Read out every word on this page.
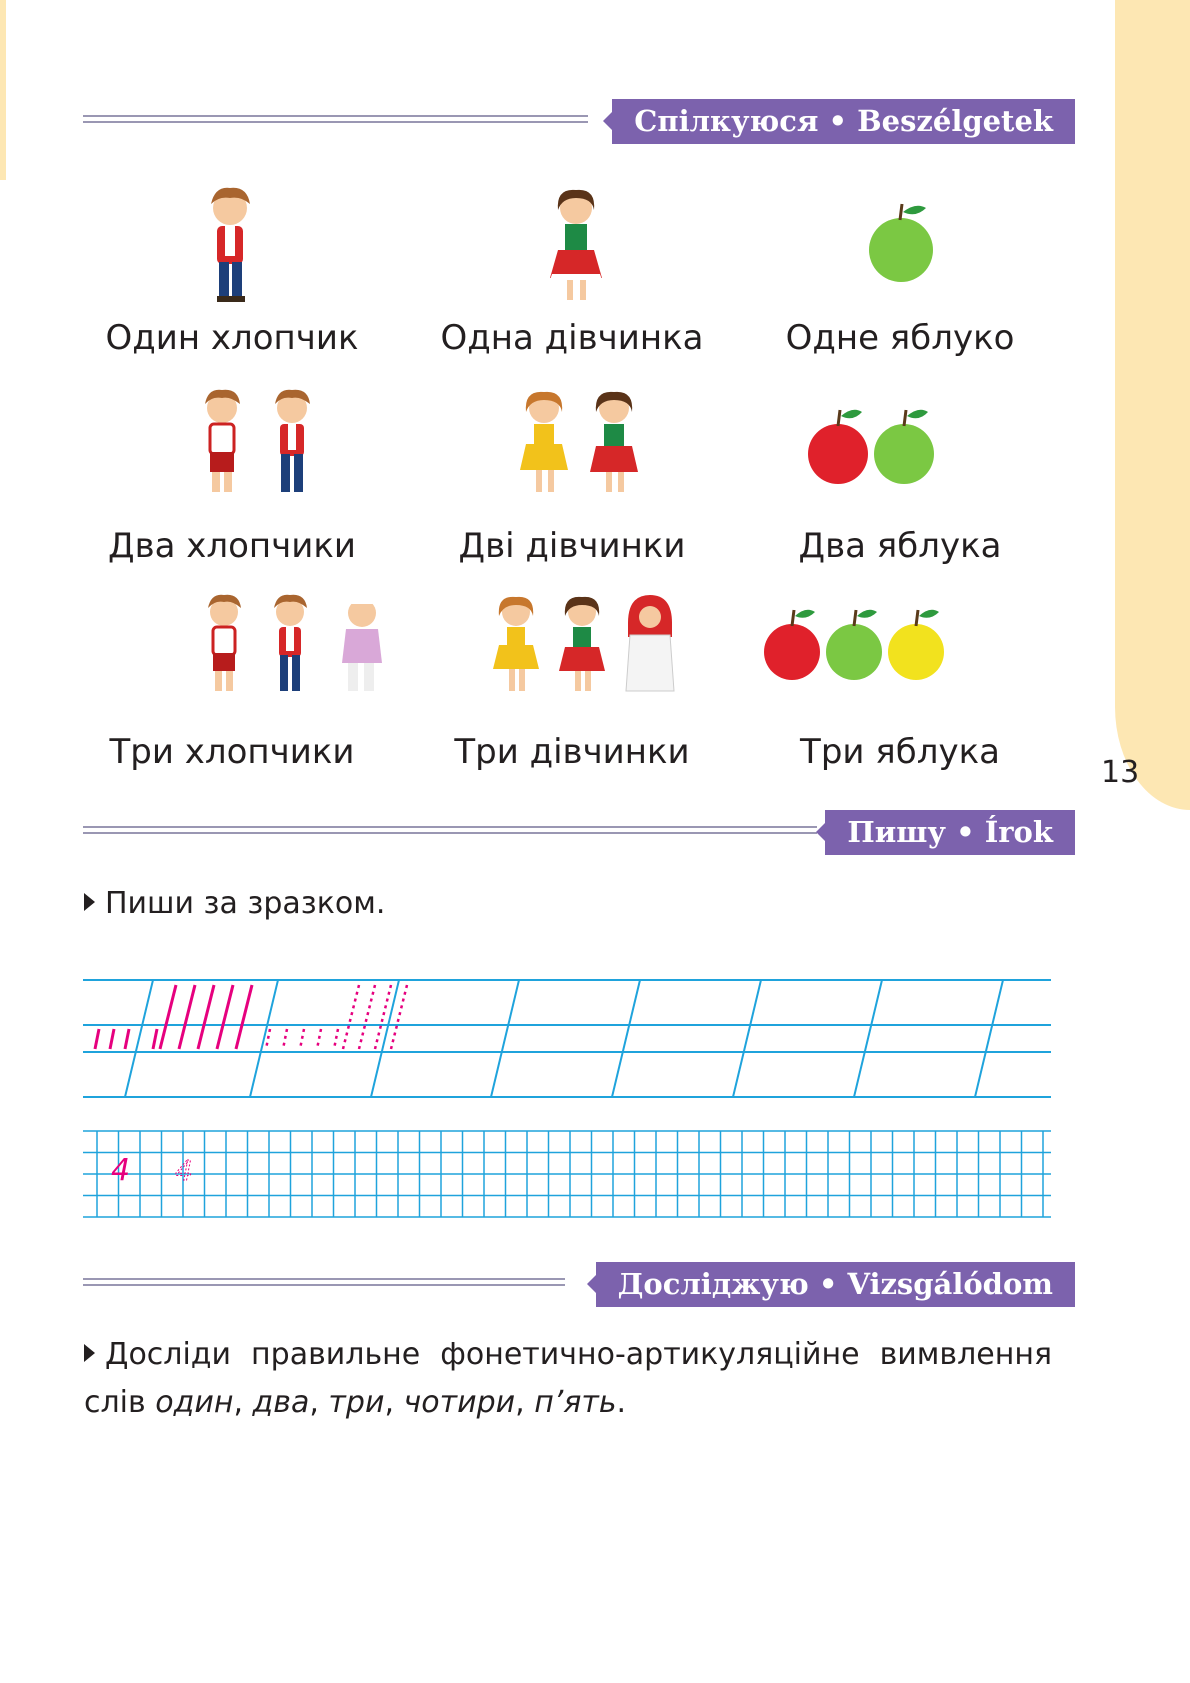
13
Спілкуюся • Beszélgetek
Один хлопчик	Одна дівчинка	Одне яблуко
Два хлопчики	Дві дівчинки	Два яблука
Три хлопчики	Три дівчинки	Три яблука
Пишу • Írok
Пиши за зразком.
4 4
Досліджую • Vizsgálódom
Досліди правильне фонетично-артикуляційне вимвлення слів один, два, три, чотири, п’ять.
